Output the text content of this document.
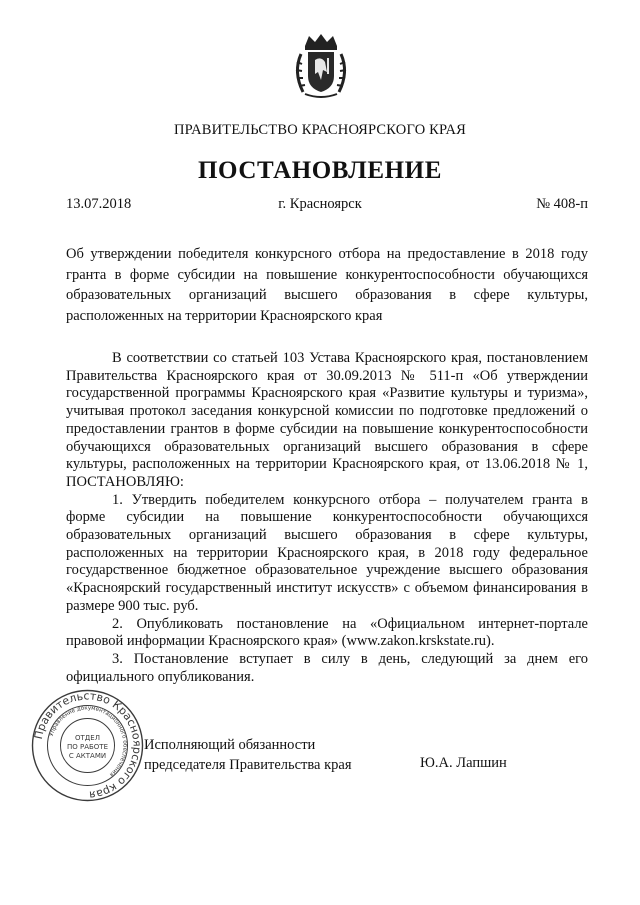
ПРАВИТЕЛЬСТВО КРАСНОЯРСКОГО КРАЯ
ПОСТАНОВЛЕНИЕ
13.07.2018	г. Красноярск	№ 408-п
Об утверждении победителя конкурсного отбора на предоставление в 2018 году гранта в форме субсидии на повышение конкурентоспособности обучающихся образовательных организаций высшего образования в сфере культуры, расположенных на территории Красноярского края

В соответствии со статьей 103 Устава Красноярского края, постановлением Правительства Красноярского края от 30.09.2013 № 511-п «Об утверждении государственной программы Красноярского края «Развитие культуры и туризма», учитывая протокол заседания конкурсной комиссии по подготовке предложений о предоставлении грантов в форме субсидии на повышение конкурентоспособности обучающихся образовательных организаций высшего образования в сфере культуры, расположенных на территории Красноярского края, от 13.06.2018 № 1, ПОСТАНОВЛЯЮ:

1. Утвердить победителем конкурсного отбора – получателем гранта в форме субсидии на повышение конкурентоспособности обучающихся образовательных организаций высшего образования в сфере культуры, расположенных на территории Красноярского края, в 2018 году федеральное государственное бюджетное образовательное учреждение высшего образования «Красноярский государственный институт искусств» с объемом финансирования в размере 900 тыс. руб.

2. Опубликовать постановление на «Официальном интернет-портале правовой информации Красноярского края» (www.zakon.krskstate.ru).

3. Постановление вступает в силу в день, следующий за днем его официального опубликования.

Исполняющий обязанности
председателя Правительства края	Ю.А. Лапшин
Правительство Красноярского края
Управление документационного обеспечения
ОТДЕЛ
ПО РАБОТЕ
С АКТАМИ
